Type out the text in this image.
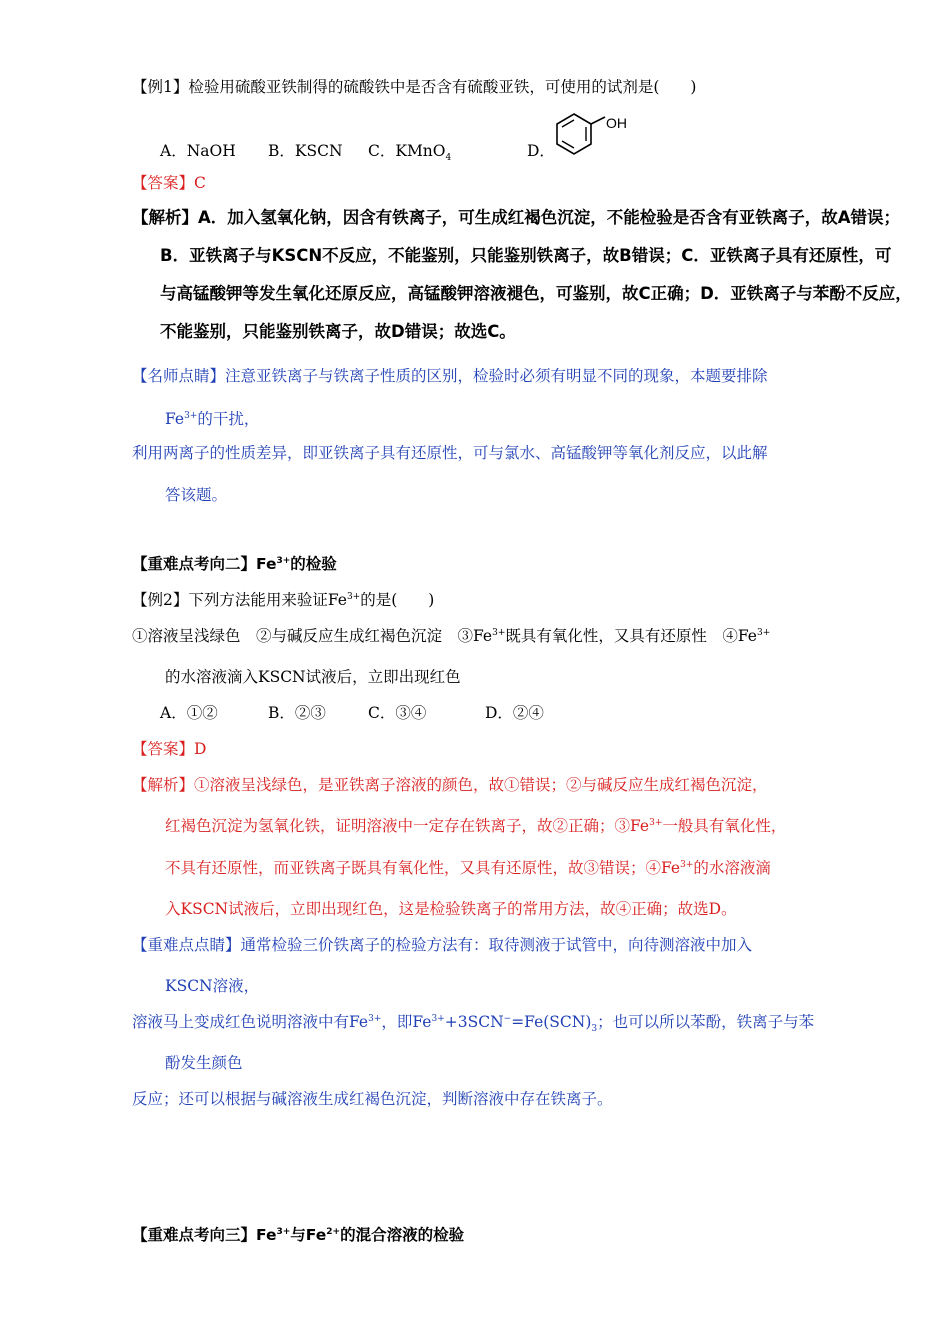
【例1】检验用硫酸亚铁制得的硫酸铁中是否含有硫酸亚铁，可使用的试剂是(　　)
A．NaOH B．KSCN C．KMnO$_4$	D．
OH
【答案】C
【解析】A．加入氢氧化钠，因含有铁离子，可生成红褐色沉淀，不能检验是否含有亚铁离子，故A错误；
B．亚铁离子与KSCN不反应，不能鉴别，只能鉴别铁离子，故B错误；C．亚铁离子具有还原性，可
与高锰酸钾等发生氧化还原反应，高锰酸钾溶液褪色，可鉴别，故C正确；D．亚铁离子与苯酚不反应，
不能鉴别，只能鉴别铁离子，故D错误；故选C。
【名师点睛】注意亚铁离子与铁离子性质的区别，检验时必须有明显不同的现象，本题要排除
$Fe^{3+}$的干扰，
利用两离子的性质差异，即亚铁离子具有还原性，可与氯水、高锰酸钾等氧化剂反应，以此解
答该题。
【重难点考向二】$Fe^{3+}$的检验
【例2】下列方法能用来验证$Fe^{3+}$的是(　　)
①溶液呈浅绿色　②与碱反应生成红褐色沉淀　$③Fe^{3+}$既具有氧化性，又具有还原性　$④Fe^{3+}$
的水溶液滴入KSCN试液后，立即出现红色
A．①②	B．②③	C．③④	D．②④
【答案】D
【解析】①溶液呈浅绿色，是亚铁离子溶液的颜色，故①错误；②与碱反应生成红褐色沉淀，
红褐色沉淀为氢氧化铁，证明溶液中一定存在铁离子，故②正确；$③Fe^{3+}$一般具有氧化性，
不具有还原性，而亚铁离子既具有氧化性，又具有还原性，故③错误；$④Fe^{3+}$的水溶液滴
入KSCN试液后，立即出现红色，这是检验铁离子的常用方法，故④正确；故选D。
【重难点点睛】通常检验三价铁离子的检验方法有：取待测液于试管中，向待测溶液中加入
KSCN溶液，
溶液马上变成红色说明溶液中有$Fe^{3+}$，即$Fe^{3+}+3SCN^-=Fe(SCN)_3$；也可以所以苯酚，铁离子与苯
酚发生颜色
反应；还可以根据与碱溶液生成红褐色沉淀，判断溶液中存在铁离子。
【重难点考向三】$Fe^{3+}$与$Fe^{2+}$的混合溶液的检验
